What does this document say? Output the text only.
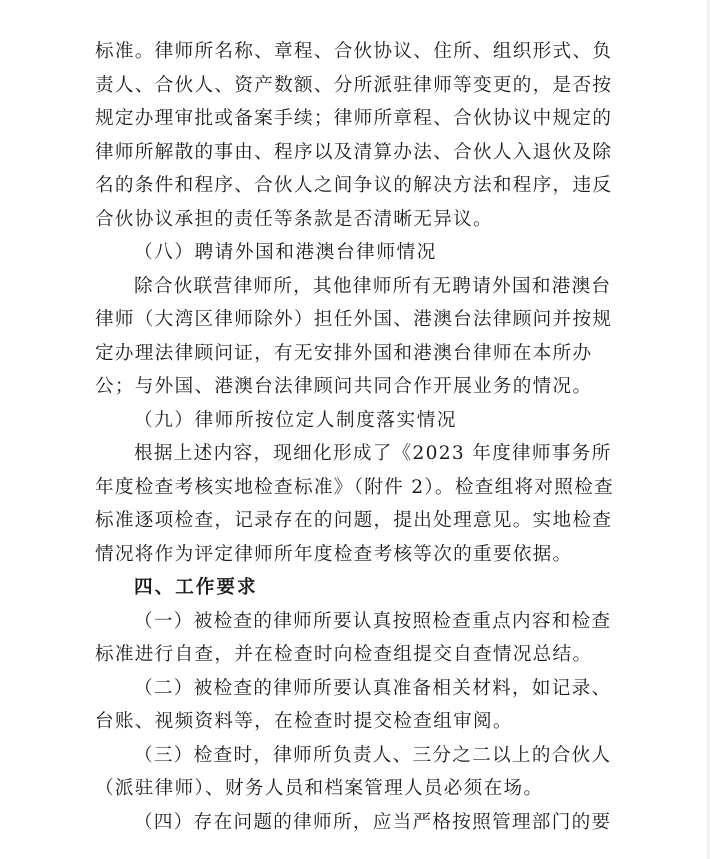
标准。律师所名称、章程、合伙协议、住所、组织形式、负
责人、合伙人、资产数额、分所派驻律师等变更的，是否按
规定办理审批或备案手续；律师所章程、合伙协议中规定的
律师所解散的事由、程序以及清算办法、合伙人入退伙及除
名的条件和程序、合伙人之间争议的解决方法和程序，违反
合伙协议承担的责任等条款是否清晰无异议。
（八）聘请外国和港澳台律师情况
除合伙联营律师所，其他律师所有无聘请外国和港澳台
律师（大湾区律师除外）担任外国、港澳台法律顾问并按规
定办理法律顾问证，有无安排外国和港澳台律师在本所办
公；与外国、港澳台法律顾问共同合作开展业务的情况。
（九）律师所按位定人制度落实情况
根据上述内容，现细化形成了《2023 年度律师事务所
年度检查考核实地检查标准》（附件 2）。检查组将对照检查
标准逐项检查，记录存在的问题，提出处理意见。实地检查
情况将作为评定律师所年度检查考核等次的重要依据。
四、工作要求
（一）被检查的律师所要认真按照检查重点内容和检查
标准进行自查，并在检查时向检查组提交自查情况总结。
（二）被检查的律师所要认真准备相关材料，如记录、
台账、视频资料等，在检查时提交检查组审阅。
（三）检查时，律师所负责人、三分之二以上的合伙人
（派驻律师）、财务人员和档案管理人员必须在场。
（四）存在问题的律师所，应当严格按照管理部门的要
